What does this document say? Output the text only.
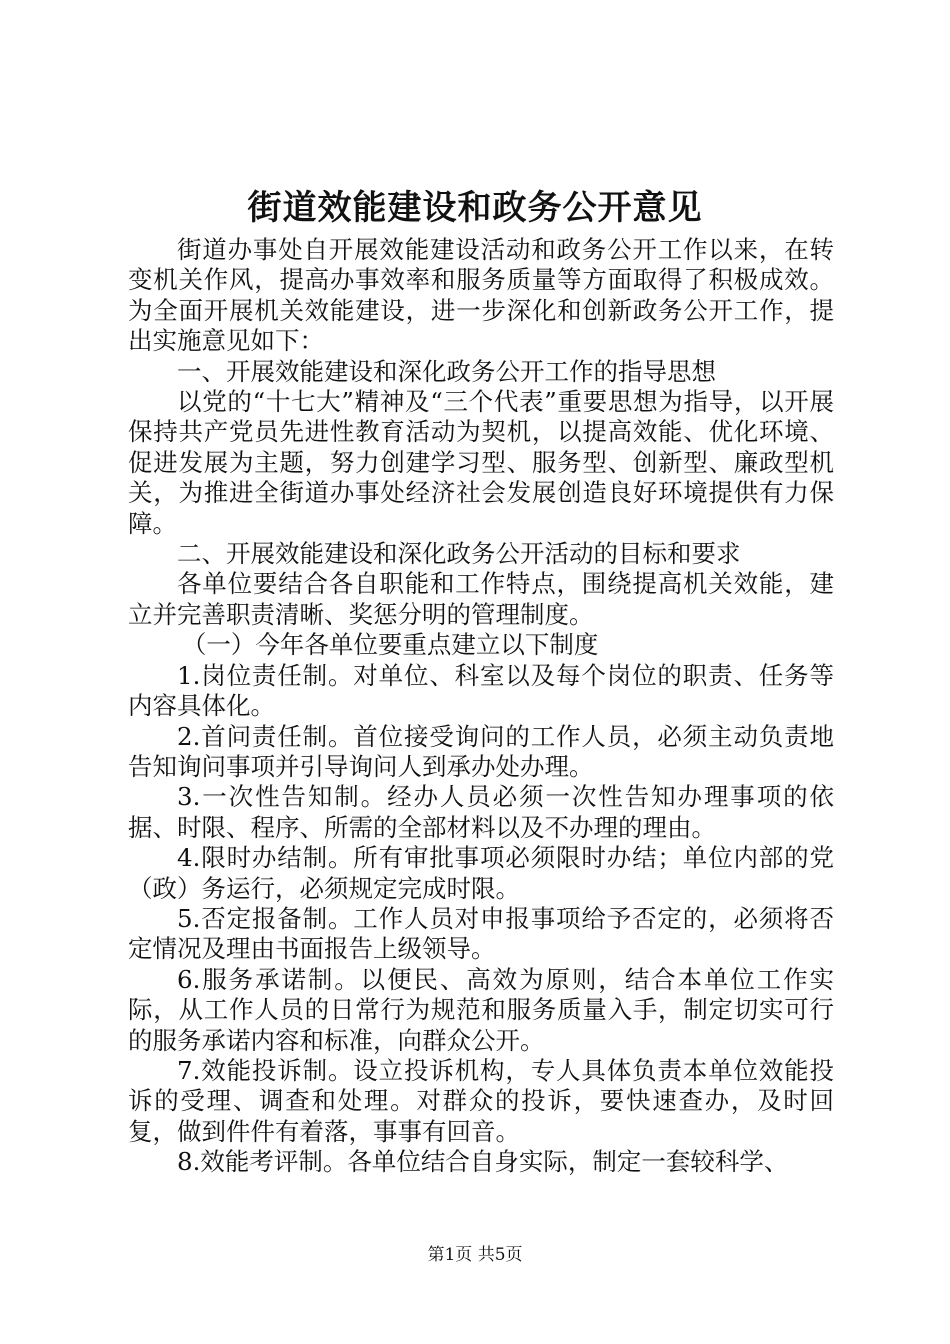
街道效能建设和政务公开意见

街道办事处自开展效能建设活动和政务公开工作以来，在转变机关作风，提高办事效率和服务质量等方面取得了积极成效。为全面开展机关效能建设，进一步深化和创新政务公开工作，提出实施意见如下：

一、开展效能建设和深化政务公开工作的指导思想

以党的“十七大”精神及“三个代表”重要思想为指导，以开展保持共产党员先进性教育活动为契机，以提高效能、优化环境、促进发展为主题，努力创建学习型、服务型、创新型、廉政型机关，为推进全街道办事处经济社会发展创造良好环境提供有力保障。

二、开展效能建设和深化政务公开活动的目标和要求

各单位要结合各自职能和工作特点，围绕提高机关效能，建立并完善职责清晰、奖惩分明的管理制度。

（一）今年各单位要重点建立以下制度

1.岗位责任制。对单位、科室以及每个岗位的职责、任务等内容具体化。

2.首问责任制。首位接受询问的工作人员，必须主动负责地告知询问事项并引导询问人到承办处办理。

3.一次性告知制。经办人员必须一次性告知办理事项的依据、时限、程序、所需的全部材料以及不办理的理由。

4.限时办结制。所有审批事项必须限时办结；单位内部的党（政）务运行，必须规定完成时限。

5.否定报备制。工作人员对申报事项给予否定的，必须将否定情况及理由书面报告上级领导。

6.服务承诺制。以便民、高效为原则，结合本单位工作实际，从工作人员的日常行为规范和服务质量入手，制定切实可行的服务承诺内容和标准，向群众公开。

7.效能投诉制。设立投诉机构，专人具体负责本单位效能投诉的受理、调查和处理。对群众的投诉，要快速查办，及时回复，做到件件有着落，事事有回音。

8.效能考评制。各单位结合自身实际，制定一套较科学、

第1页 共5页
